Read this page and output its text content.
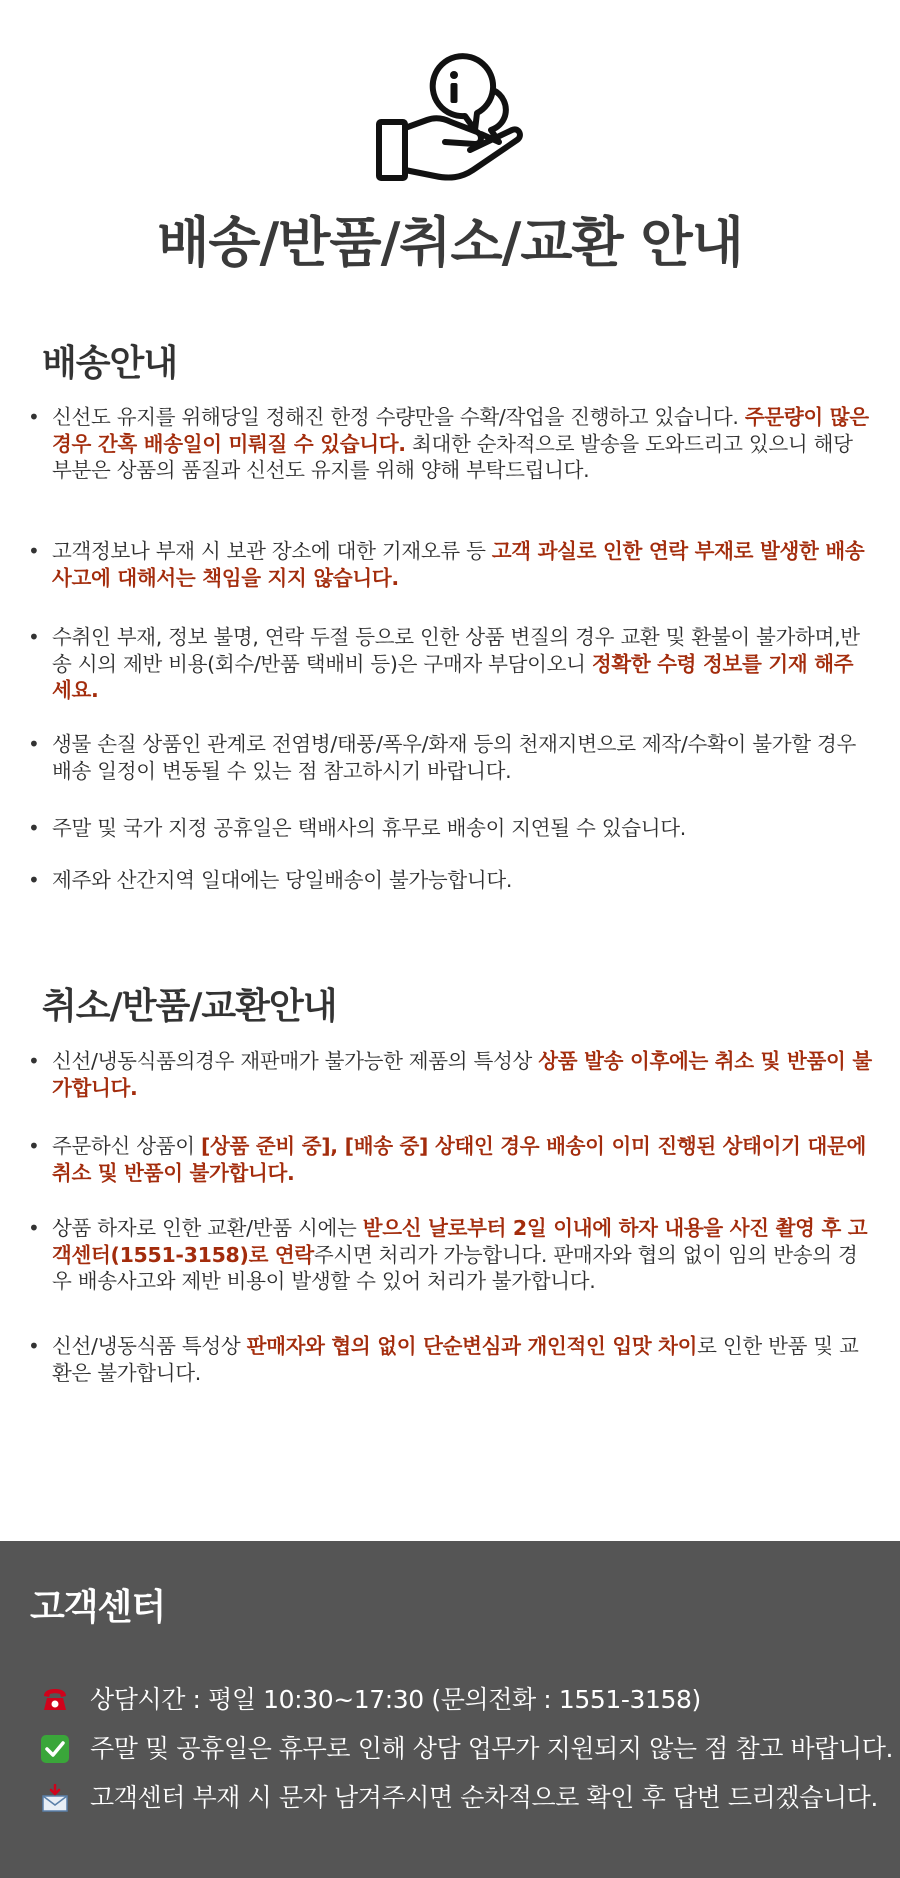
배송/반품/취소/교환 안내
배송안내
• 신선도 유지를 위해당일 정해진 한정 수량만을 수확/작업을 진행하고 있습니다. 주문량이 많은 경우 간혹 배송일이 미뤄질 수 있습니다. 최대한 순차적으로 발송을 도와드리고 있으니 해당 부분은 상품의 품질과 신선도 유지를 위해 양해 부탁드립니다.
• 고객정보나 부재 시 보관 장소에 대한 기재오류 등 고객 과실로 인한 연락 부재로 발생한 배송 사고에 대해서는 책임을 지지 않습니다.
• 수취인 부재, 정보 불명, 연락 두절 등으로 인한 상품 변질의 경우 교환 및 환불이 불가하며,반송 시의 제반 비용(회수/반품 택배비 등)은 구매자 부담이오니 정확한 수령 정보를 기재 해주세요.
• 생물 손질 상품인 관계로 전염병/태풍/폭우/화재 등의 천재지변으로 제작/수확이 불가할 경우 배송 일정이 변동될 수 있는 점 참고하시기 바랍니다.
• 주말 및 국가 지정 공휴일은 택배사의 휴무로 배송이 지연될 수 있습니다.
• 제주와 산간지역 일대에는 당일배송이 불가능합니다.
취소/반품/교환안내
• 신선/냉동식품의경우 재판매가 불가능한 제품의 특성상 상품 발송 이후에는 취소 및 반품이 불가합니다.
• 주문하신 상품이 [상품 준비 중], [배송 중] 상태인 경우 배송이 이미 진행된 상태이기 대문에 취소 및 반품이 불가합니다.
• 상품 하자로 인한 교환/반품 시에는 받으신 날로부터 2일 이내에 하자 내용을 사진 촬영 후 고객센터(1551-3158)로 연락주시면 처리가 가능합니다. 판매자와 협의 없이 임의 반송의 경우 배송사고와 제반 비용이 발생할 수 있어 처리가 불가합니다.
• 신선/냉동식품 특성상 판매자와 협의 없이 단순변심과 개인적인 입맛 차이로 인한 반품 및 교환은 불가합니다.
고객센터
상담시간 : 평일 10:30~17:30 (문의전화 : 1551-3158)
주말 및 공휴일은 휴무로 인해 상담 업무가 지원되지 않는 점 참고 바랍니다.
고객센터 부재 시 문자 남겨주시면 순차적으로 확인 후 답변 드리겠습니다.
